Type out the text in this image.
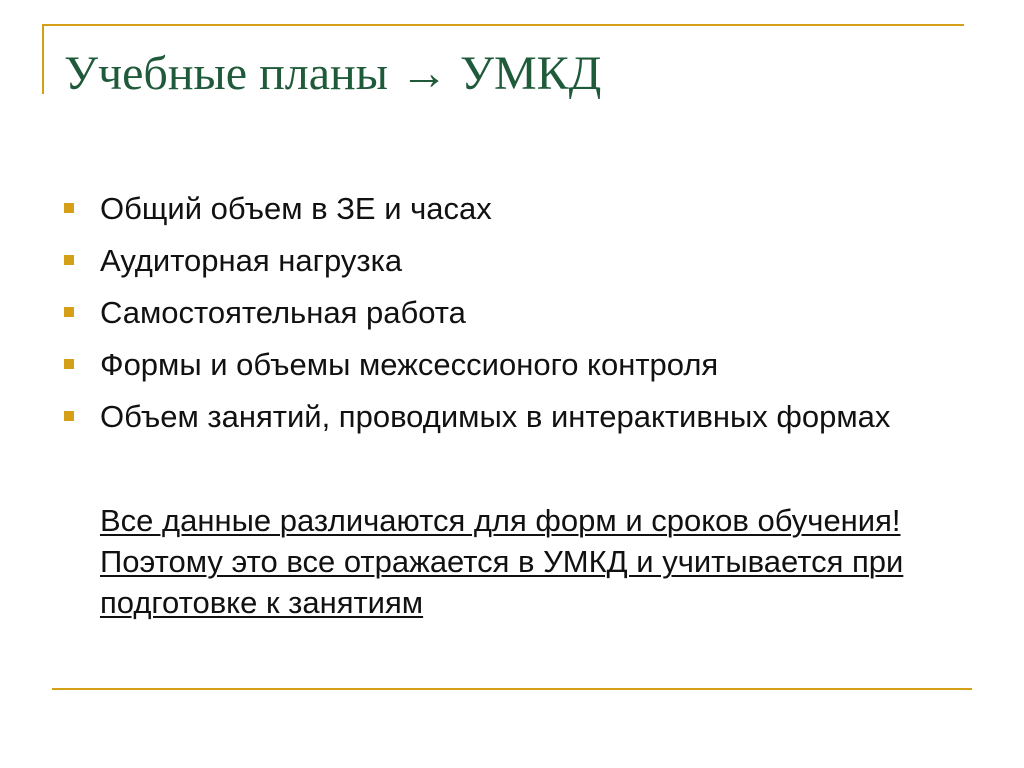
Учебные планы → УМКД
Общий объем в ЗЕ и часах
Аудиторная нагрузка
Самостоятельная работа
Формы и объемы межсессионого контроля
Объем занятий, проводимых в интерактивных формах

Все данные различаются для форм и сроков обучения! Поэтому это все отражается в УМКД и учитывается при подготовке к занятиям
